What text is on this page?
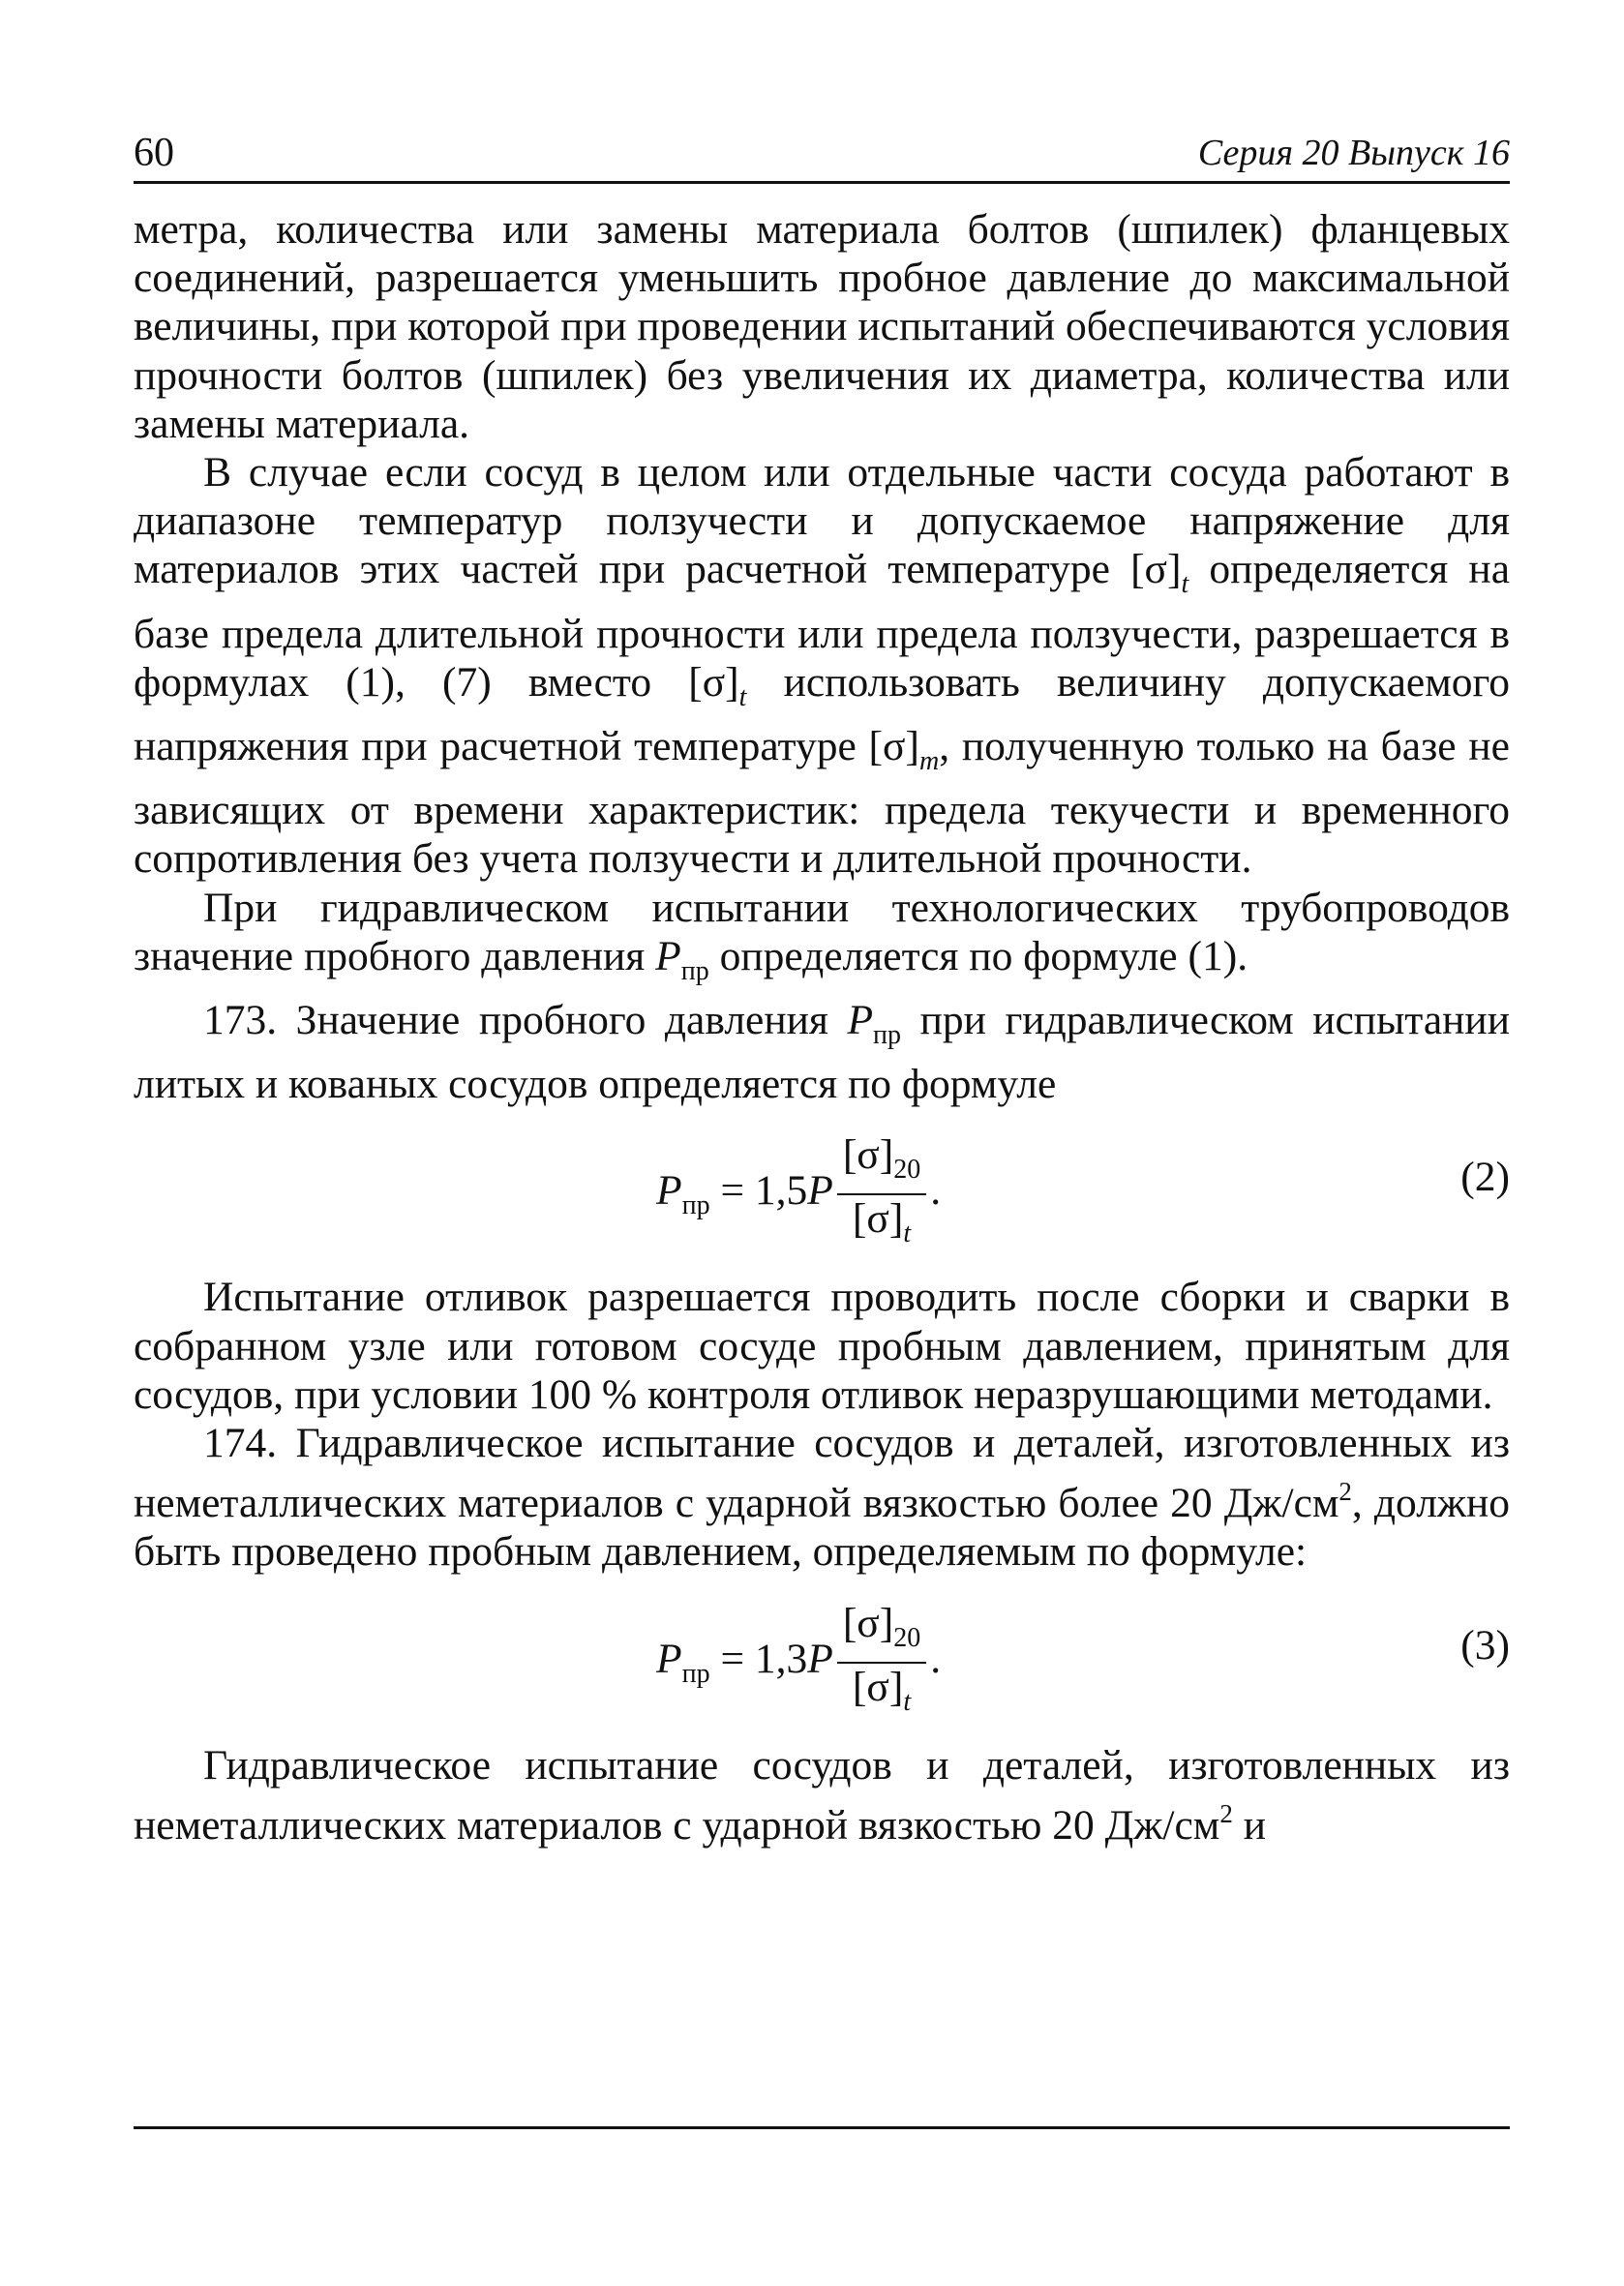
60	Серия 20 Выпуск 16

метра, количества или замены материала болтов (шпилек) фланцевых соединений, разрешается уменьшить пробное давление до максимальной величины, при которой при проведении испытаний обеспечиваются условия прочности болтов (шпилек) без увеличения их диаметра, количества или замены материала.

В случае если сосуд в целом или отдельные части сосуда работают в диапазоне температур ползучести и допускаемое напряжение для материалов этих частей при расчетной температуре $[\sigma]_t$ определяется на базе предела длительной прочности или предела ползучести, разрешается в формулах (1), (7) вместо $[\sigma]_t$ использовать величину допускаемого напряжения при расчетной температуре $[\sigma]_m$, полученную только на базе не зависящих от времени характеристик: предела текучести и временного сопротивления без учета ползучести и длительной прочности.

При гидравлическом испытании технологических трубопроводов значение пробного давления $P_{пр}$ определяется по формуле (1).

173. Значение пробного давления $P_{пр}$ при гидравлическом испытании литых и кованых сосудов определяется по формуле

$P_{пр} = 1,5P \frac{[\sigma]_{20}}{[\sigma]_t}$ .	(2)

Испытание отливок разрешается проводить после сборки и сварки в собранном узле или готовом сосуде пробным давлением, принятым для сосудов, при условии 100 % контроля отливок неразрушающими методами.

174. Гидравлическое испытание сосудов и деталей, изготовленных из неметаллических материалов с ударной вязкостью более 20 $Дж/см^2$, должно быть проведено пробным давлением, определяемым по формуле:

$P_{пр} = 1,3P \frac{[\sigma]_{20}}{[\sigma]_t}$ .	(3)

Гидравлическое испытание сосудов и деталей, изготовленных из неметаллических материалов с ударной вязкостью 20 $Дж/см^2$ и
